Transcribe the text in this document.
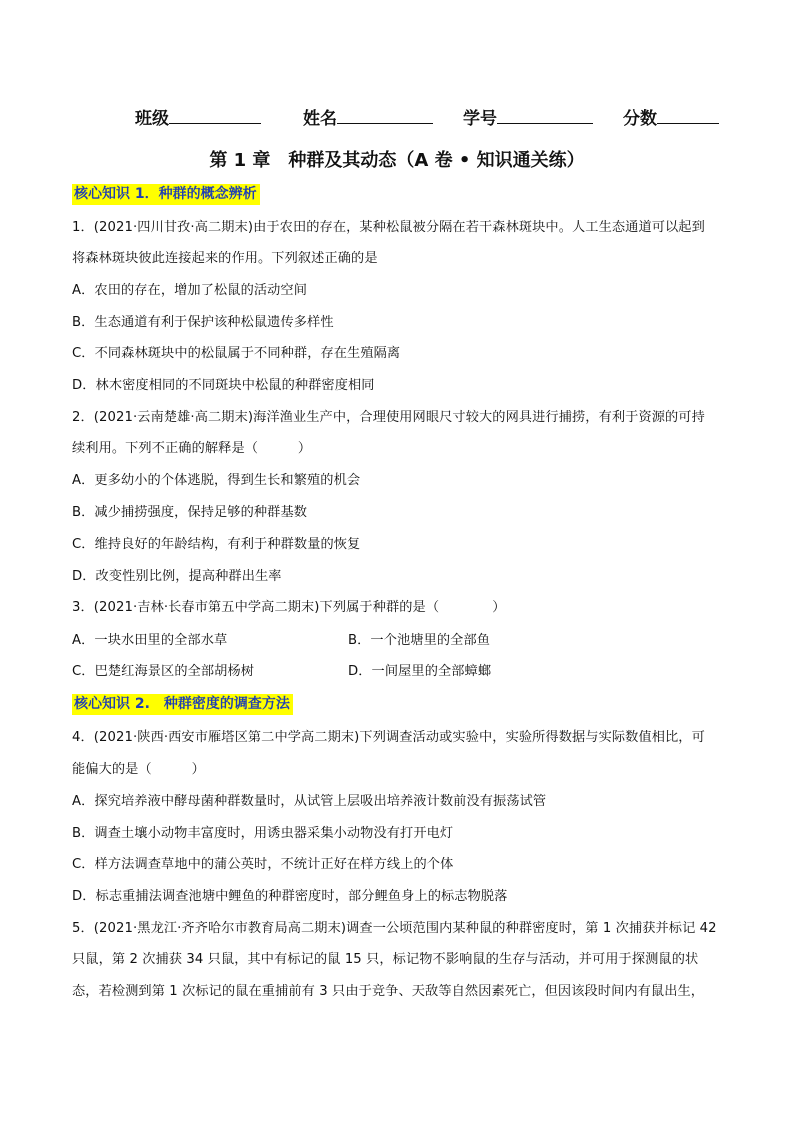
班级	姓名	学号	分数
第 1 章　种群及其动态（A 卷 • 知识通关练）
核心知识 1．种群的概念辨析
1．(2021·四川甘孜·高二期末)由于农田的存在，某种松鼠被分隔在若干森林斑块中。人工生态通道可以起到
将森林斑块彼此连接起来的作用。下列叙述正确的是
A．农田的存在，增加了松鼠的活动空间
B．生态通道有利于保护该种松鼠遗传多样性
C．不同森林斑块中的松鼠属于不同种群，存在生殖隔离
D．林木密度相同的不同斑块中松鼠的种群密度相同
2．(2021·云南楚雄·高二期末)海洋渔业生产中，合理使用网眼尺寸较大的网具进行捕捞，有利于资源的可持
续利用。下列不正确的解释是（　　　）
A．更多幼小的个体逃脱，得到生长和繁殖的机会
B．减少捕捞强度，保持足够的种群基数
C．维持良好的年龄结构，有利于种群数量的恢复
D．改变性别比例，提高种群出生率
3．(2021·吉林·长春市第五中学高二期末)下列属于种群的是（　　　　）
A．一块水田里的全部水草	B．一个池塘里的全部鱼
C．巴楚红海景区的全部胡杨树	D．一间屋里的全部蟑螂
核心知识 2.　种群密度的调查方法
4．(2021·陕西·西安市雁塔区第二中学高二期末)下列调查活动或实验中，实验所得数据与实际数值相比，可
能偏大的是（　　　）
A．探究培养液中酵母菌种群数量时，从试管上层吸出培养液计数前没有振荡试管
B．调查土壤小动物丰富度时，用诱虫器采集小动物没有打开电灯
C．样方法调查草地中的蒲公英时，不统计正好在样方线上的个体
D．标志重捕法调查池塘中鲤鱼的种群密度时，部分鲤鱼身上的标志物脱落
5．(2021·黑龙江·齐齐哈尔市教育局高二期末)调查一公顷范围内某种鼠的种群密度时，第 1 次捕获并标记 42
只鼠，第 2 次捕获 34 只鼠，其中有标记的鼠 15 只，标记物不影响鼠的生存与活动，并可用于探测鼠的状
态，若检测到第 1 次标记的鼠在重捕前有 3 只由于竞争、天敌等自然因素死亡，但因该段时间内有鼠出生，
